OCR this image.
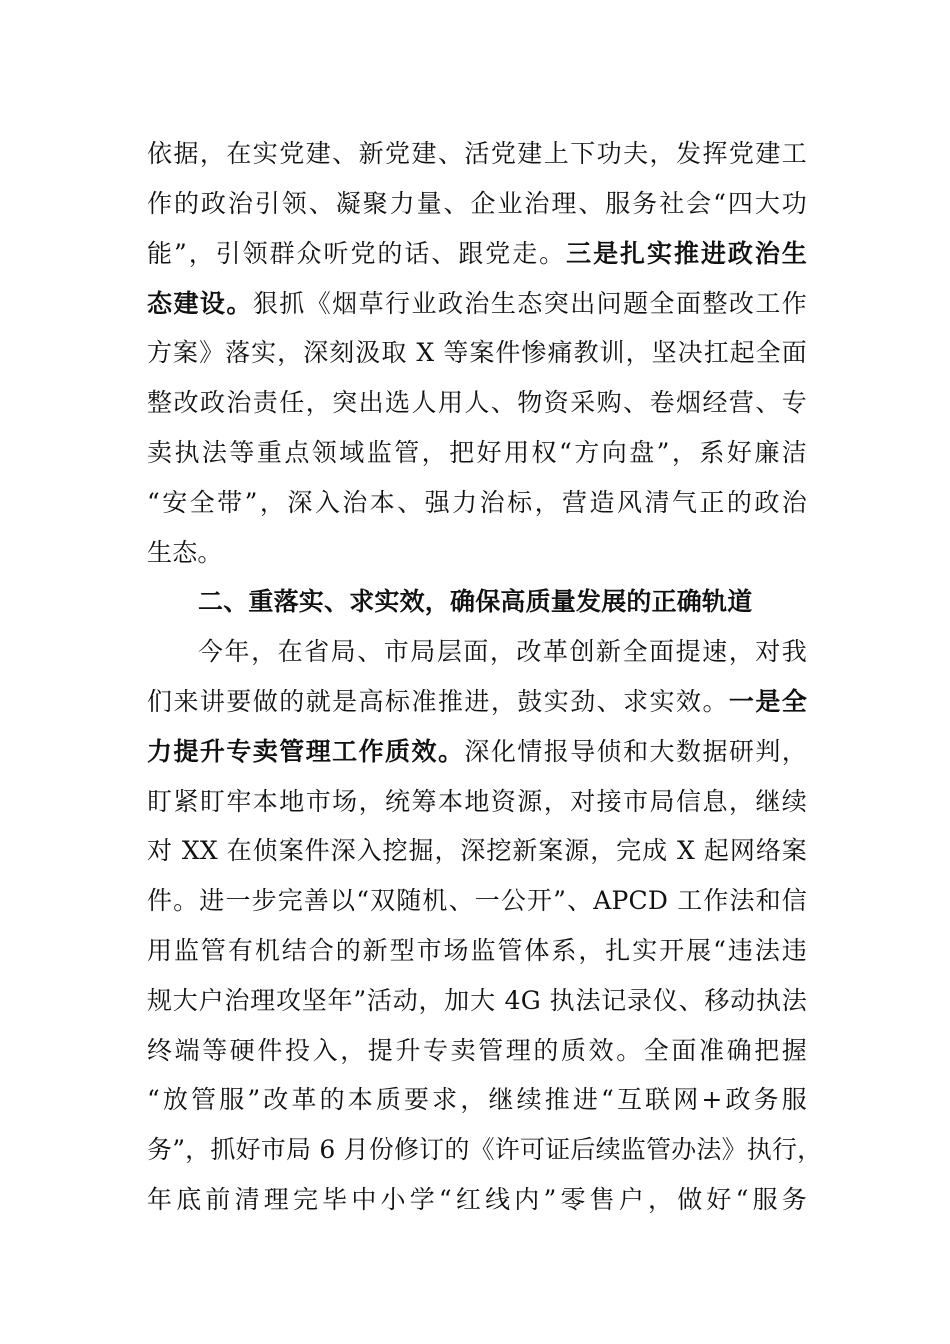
依据，在实党建、新党建、活党建上下功夫，发挥党建工
作的政治引领、凝聚力量、企业治理、服务社会“四大功
能”，引领群众听党的话、跟党走。三是扎实推进政治生
态建设。狠抓《烟草行业政治生态突出问题全面整改工作
方案》落实，深刻汲取 X 等案件惨痛教训，坚决扛起全面
整改政治责任，突出选人用人、物资采购、卷烟经营、专
卖执法等重点领域监管，把好用权“方向盘”，系好廉洁
“安全带”，深入治本、强力治标，营造风清气正的政治
生态。
二、重落实、求实效，确保高质量发展的正确轨道
今年，在省局、市局层面，改革创新全面提速，对我
们来讲要做的就是高标准推进，鼓实劲、求实效。一是全
力提升专卖管理工作质效。深化情报导侦和大数据研判，
盯紧盯牢本地市场，统筹本地资源，对接市局信息，继续
对 XX 在侦案件深入挖掘，深挖新案源，完成 X 起网络案
件。进一步完善以“双随机、一公开”、APCD 工作法和信
用监管有机结合的新型市场监管体系，扎实开展“违法违
规大户治理攻坚年”活动，加大 4G 执法记录仪、移动执法
终端等硬件投入，提升专卖管理的质效。全面准确把握
“放管服”改革的本质要求，继续推进“互联网+政务服
务”，抓好市局 6 月份修订的《许可证后续监管办法》执行，
年底前清理完毕中小学“红线内”零售户，做好“服务
